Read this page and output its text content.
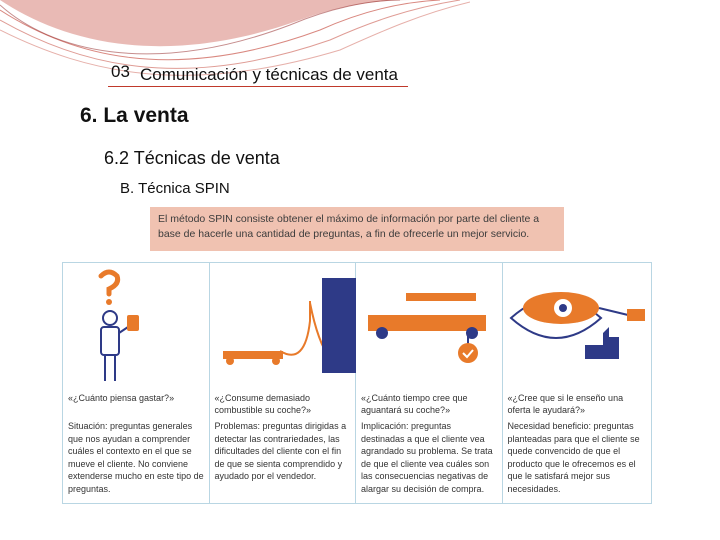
03 Comunicación y técnicas de venta
6. La venta
6.2 Técnicas de venta
B. Técnica SPIN
El método SPIN consiste obtener el máximo de información por parte del cliente a base de hacerle una cantidad de preguntas, a fin de ofrecerle un mejor servicio.
«¿Cuánto piensa gastar?»
Situación: preguntas generales que nos ayudan a comprender cuáles el contexto en el que se mueve el cliente. No conviene extenderse mucho en este tipo de preguntas.
«¿Consume demasiado combustible su coche?»
Problemas: preguntas dirigidas a detectar las contrariedades, las dificultades del cliente con el fin de que se sienta comprendido y ayudado por el vendedor.
«¿Cuánto tiempo cree que aguantará su coche?»
Implicación: preguntas destinadas a que el cliente vea agrandado su problema. Se trata de que el cliente vea cuáles son las consecuencias negativas de alargar su decisión de compra.
«¿Cree que si le enseño una oferta le ayudará?»
Necesidad beneficio: preguntas planteadas para que el cliente se quede convencido de que el producto que le ofrecemos es el que le satisfará mejor sus necesidades.
